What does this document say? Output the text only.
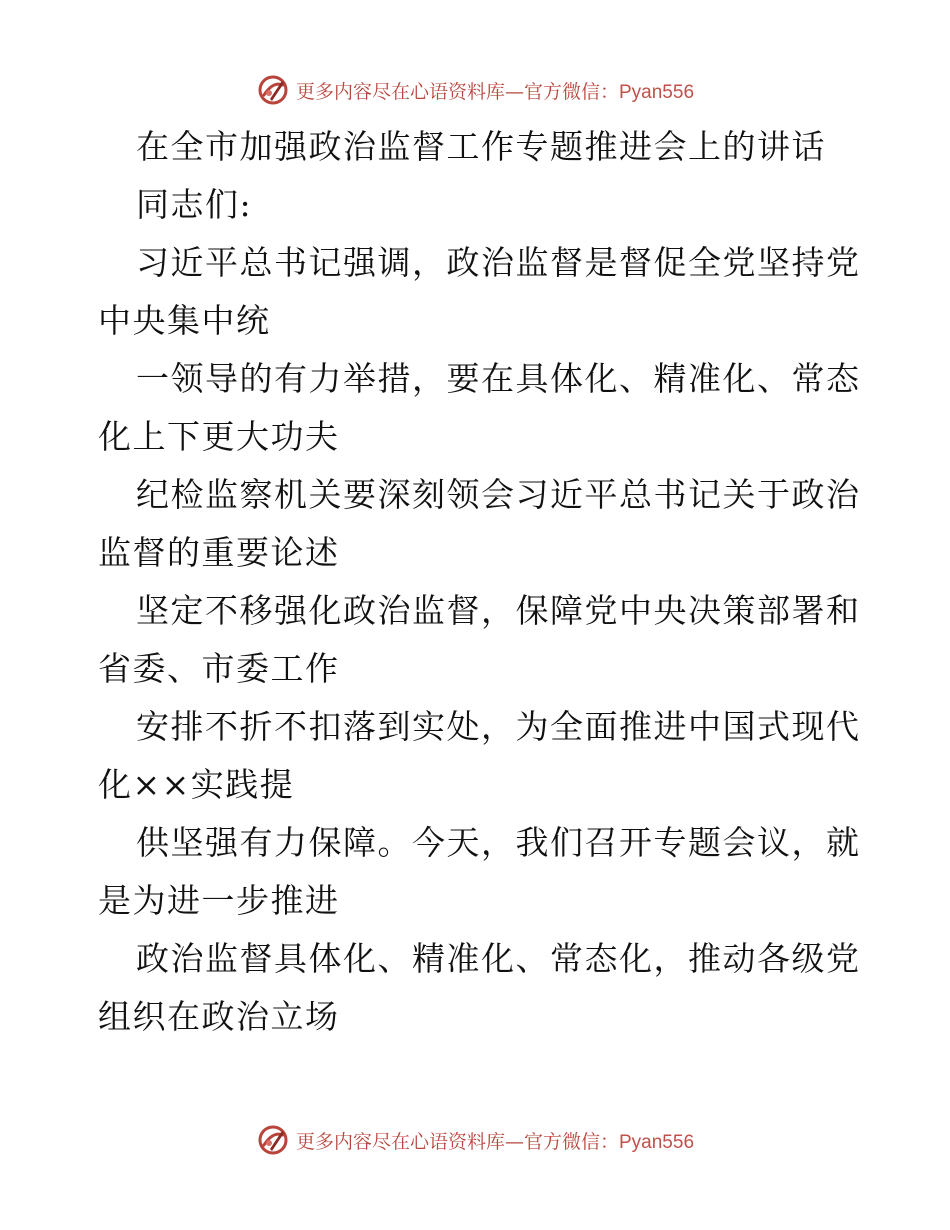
更多内容尽在心语资料库—官方微信：Pyan556
在全市加强政治监督工作专题推进会上的讲话
同志们:
习近平总书记强调，政治监督是督促全党坚持党
中央集中统
一领导的有力举措，要在具体化、精准化、常态
化上下更大功夫
纪检监察机关要深刻领会习近平总书记关于政治
监督的重要论述
坚定不移强化政治监督，保障党中央决策部署和
省委、市委工作
安排不折不扣落到实处，为全面推进中国式现代
化××实践提
供坚强有力保障。今天，我们召开专题会议，就
是为进一步推进
政治监督具体化、精准化、常态化，推动各级党
组织在政治立场
更多内容尽在心语资料库—官方微信：Pyan556
